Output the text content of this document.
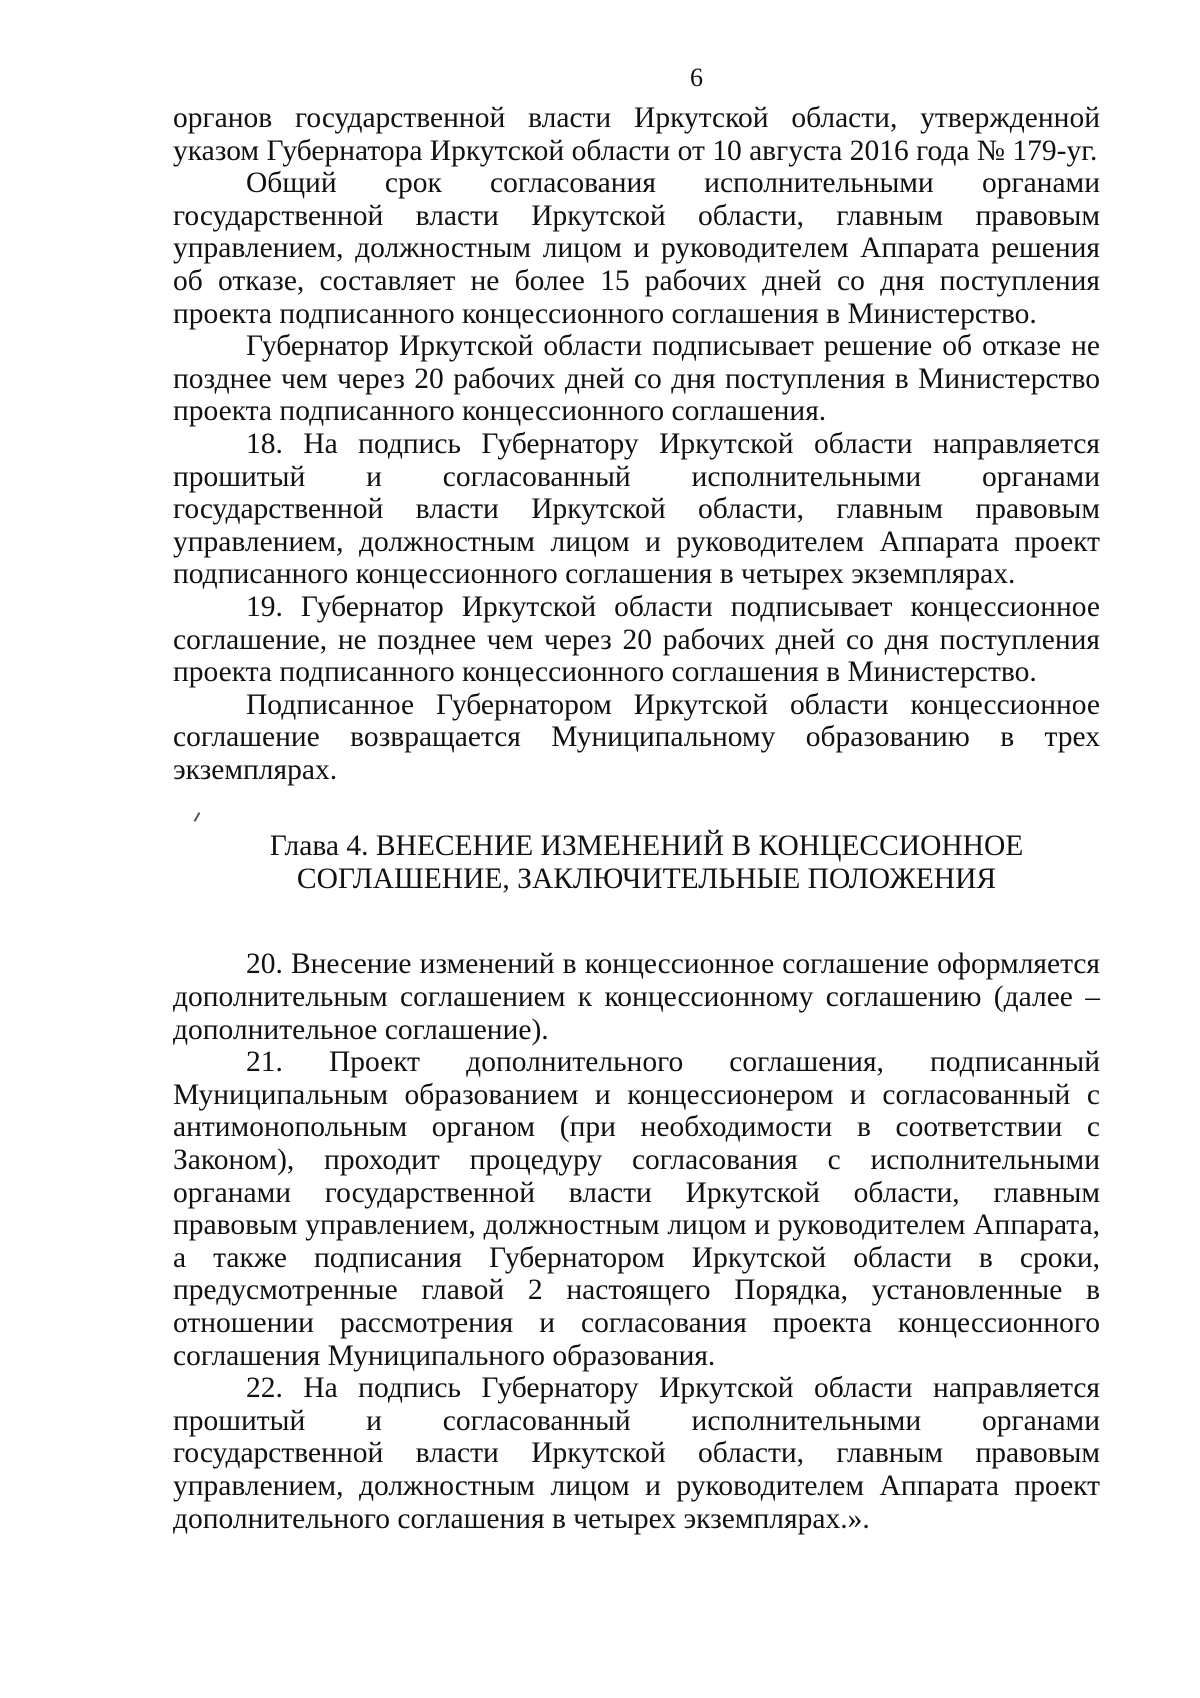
6

органов государственной власти Иркутской области, утвержденной указом Губернатора Иркутской области от 10 августа 2016 года № 179-уг.

Общий срок согласования исполнительными органами государственной власти Иркутской области, главным правовым управлением, должностным лицом и руководителем Аппарата решения об отказе, составляет не более 15 рабочих дней со дня поступления проекта подписанного концессионного соглашения в Министерство.

Губернатор Иркутской области подписывает решение об отказе не позднее чем через 20 рабочих дней со дня поступления в Министерство проекта подписанного концессионного соглашения.

18. На подпись Губернатору Иркутской области направляется прошитый и согласованный исполнительными органами государственной власти Иркутской области, главным правовым управлением, должностным лицом и руководителем Аппарата проект подписанного концессионного соглашения в четырех экземплярах.

19. Губернатор Иркутской области подписывает концессионное соглашение, не позднее чем через 20 рабочих дней со дня поступления проекта подписанного концессионного соглашения в Министерство.

Подписанное Губернатором Иркутской области концессионное соглашение возвращается Муниципальному образованию в трех экземплярах.

Глава 4. ВНЕСЕНИЕ ИЗМЕНЕНИЙ В КОНЦЕССИОННОЕ
СОГЛАШЕНИЕ, ЗАКЛЮЧИТЕЛЬНЫЕ ПОЛОЖЕНИЯ

20. Внесение изменений в концессионное соглашение оформляется дополнительным соглашением к концессионному соглашению (далее – дополнительное соглашение).

21. Проект дополнительного соглашения, подписанный Муниципальным образованием и концессионером и согласованный с антимонопольным органом (при необходимости в соответствии с Законом), проходит процедуру согласования с исполнительными органами государственной власти Иркутской области, главным правовым управлением, должностным лицом и руководителем Аппарата, а также подписания Губернатором Иркутской области в сроки, предусмотренные главой 2 настоящего Порядка, установленные в отношении рассмотрения и согласования проекта концессионного соглашения Муниципального образования.

22. На подпись Губернатору Иркутской области направляется прошитый и согласованный исполнительными органами государственной власти Иркутской области, главным правовым управлением, должностным лицом и руководителем Аппарата проект дополнительного соглашения в четырех экземплярах.».
